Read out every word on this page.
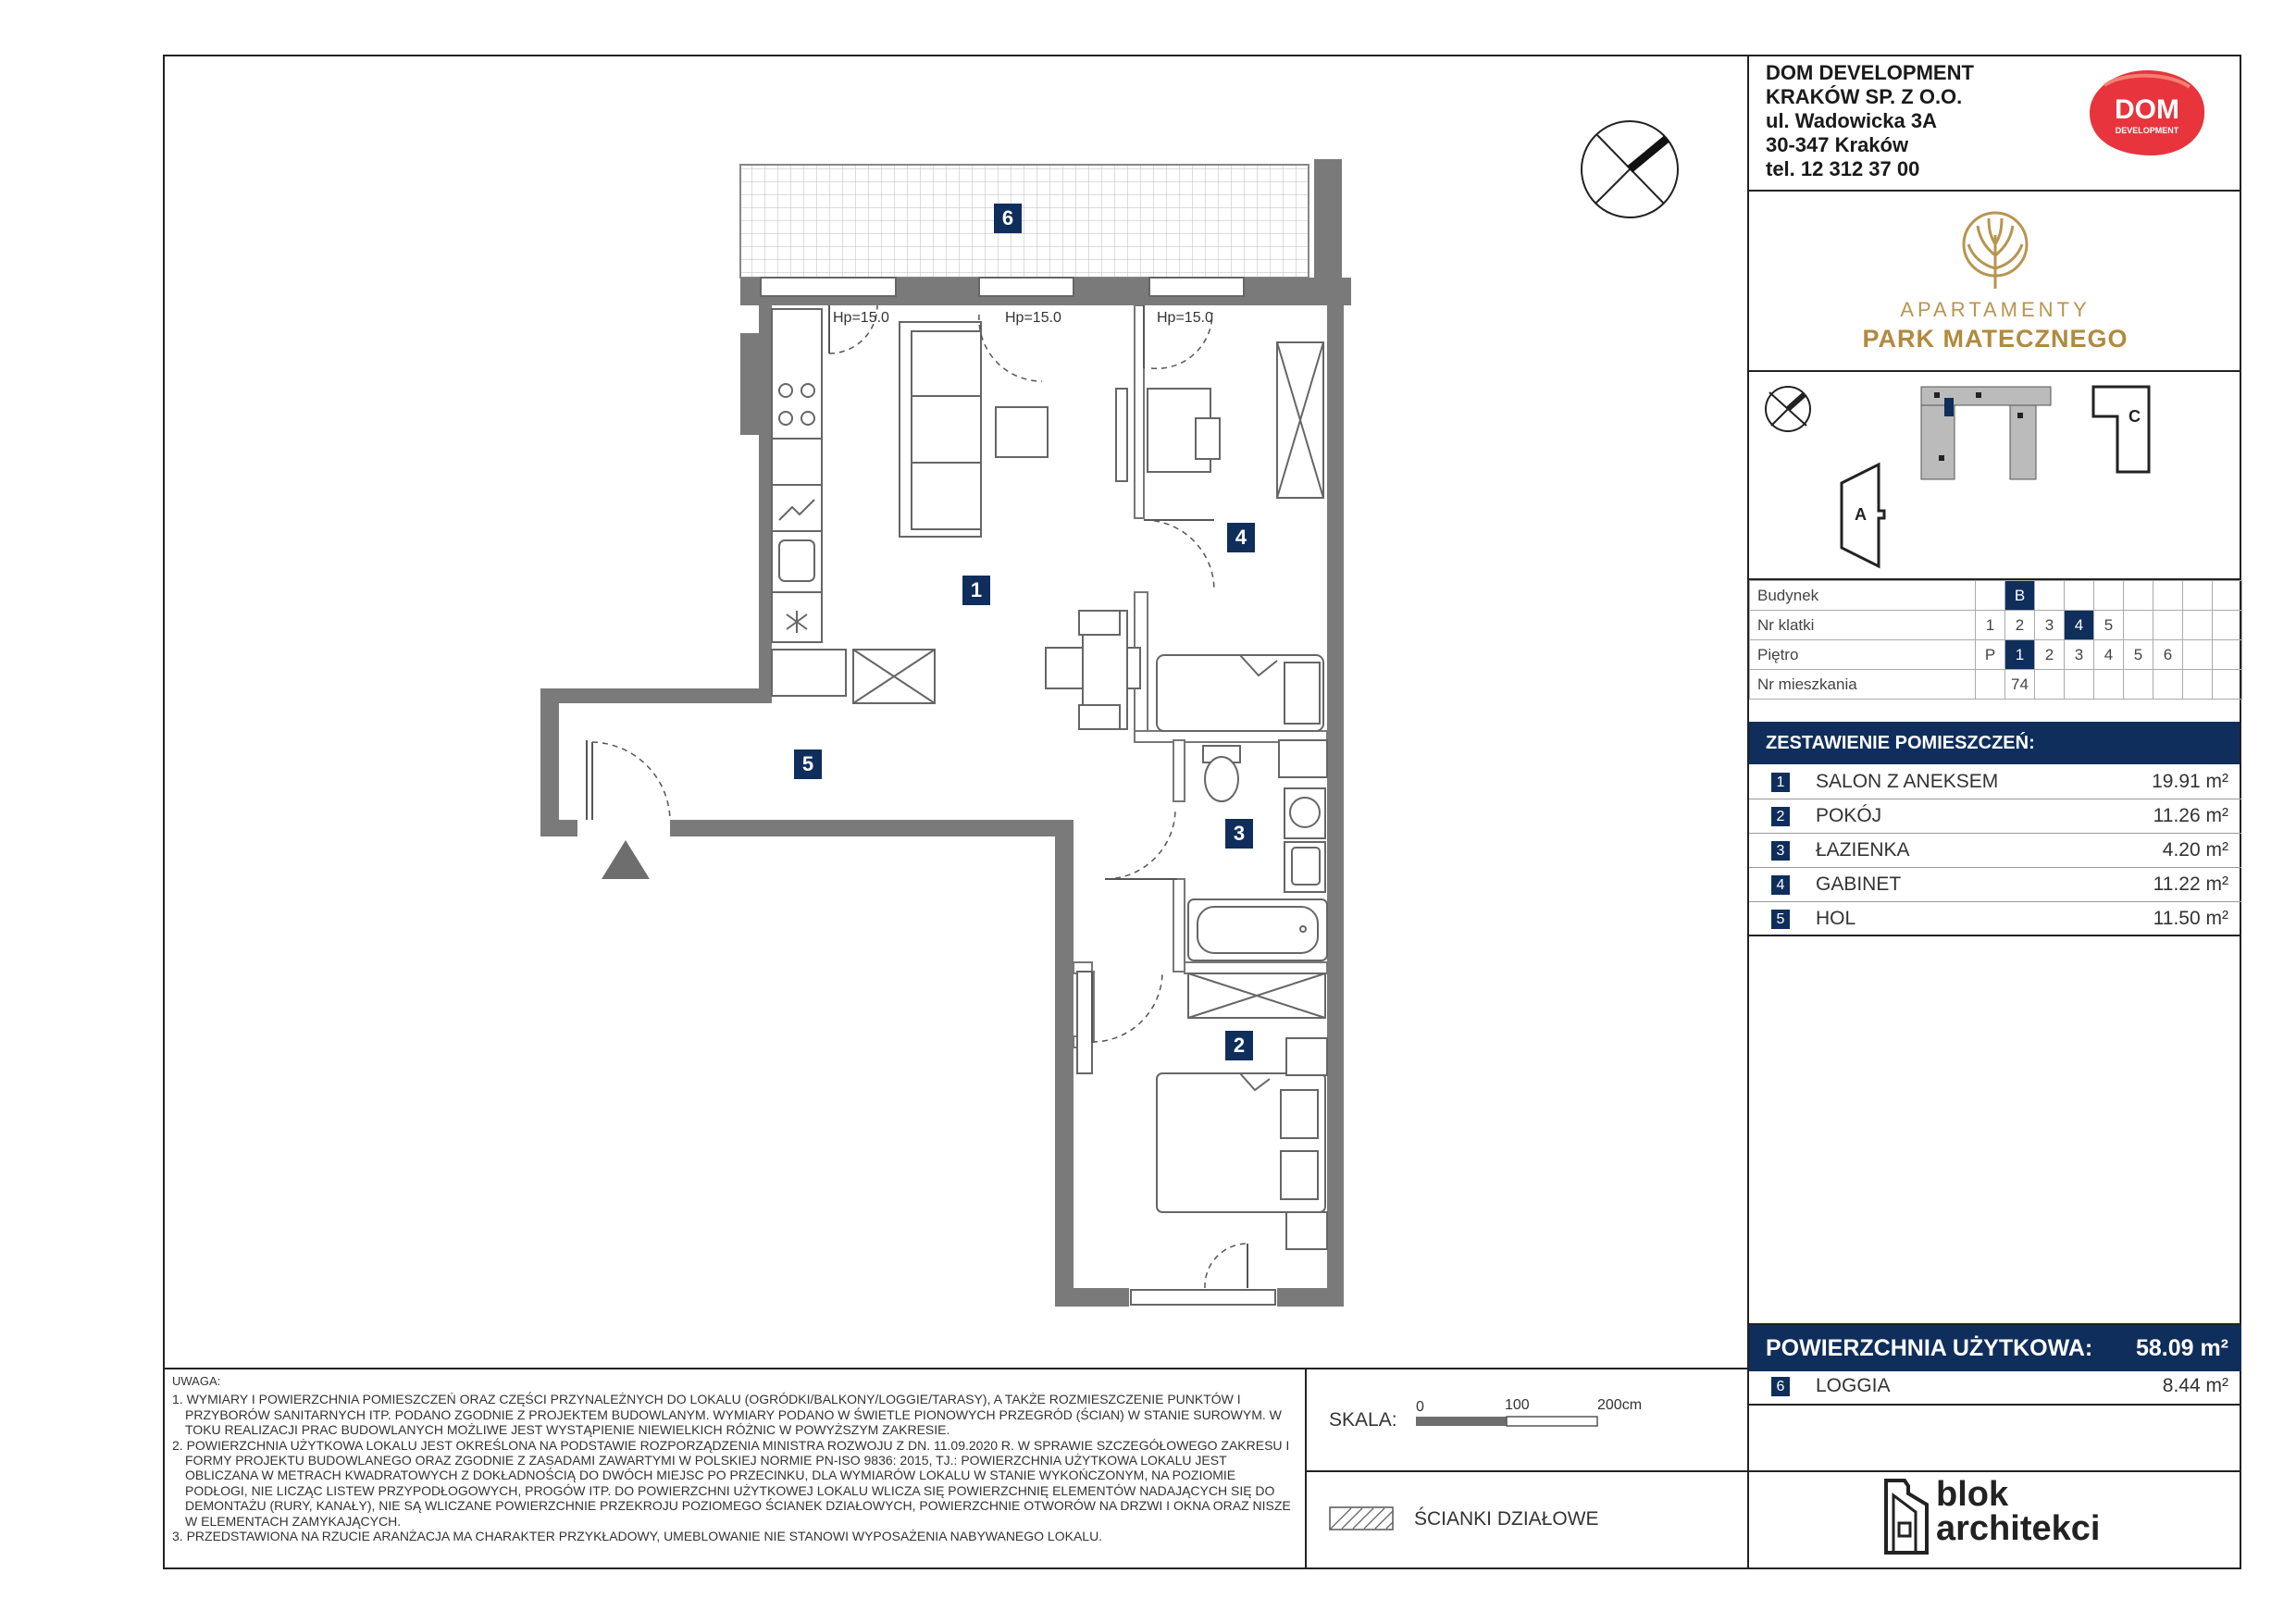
DOM DEVELOPMENT
KRAKÓW SP. Z O.O.
ul. Wadowicka 3A
30-347 Kraków
tel. 12 312 37 00
DOM
DEVELOPMENT
APARTAMENTY
PARK MATECZNEGO
A
C
Budynek		B							
Nr klatki	1	2	3	4	5				
Piętro	P	1	2	3	4	5	6		
Nr mieszkania		74							
ZESTAWIENIE POMIESZCZEŃ:
1 SALON Z ANEKSEM	19.91 m²
2 POKÓJ	11.26 m²
3 ŁAZIENKA	4.20 m²
4 GABINET	11.22 m²
5 HOL	11.50 m²
POWIERZCHNIA UŻYTKOWA: 58.09 m²
6 LOGGIA	8.44 m²
blok
architekci
UWAGA:

1. WYMIARY I POWIERZCHNIA POMIESZCZEŃ ORAZ CZĘŚCI PRZYNALEŻNYCH DO LOKALU (OGRÓDKI/BALKONY/LOGGIE/TARASY), A TAKŻE ROZMIESZCZENIE PUNKTÓW I PRZYBORÓW SANITARNYCH ITP. PODANO ZGODNIE Z PROJEKTEM BUDOWLANYM. WYMIARY PODANO W ŚWIETLE PIONOWYCH PRZEGRÓD (ŚCIAN) W STANIE SUROWYM. W TOKU REALIZACJI PRAC BUDOWLANYCH MOŻLIWE JEST WYSTĄPIENIE NIEWIELKICH RÓŻNIC W POWYŻSZYM ZAKRESIE.

2. POWIERZCHNIA UŻYTKOWA LOKALU JEST OKREŚLONA NA PODSTAWIE ROZPORZĄDZENIA MINISTRA ROZWOJU Z DN. 11.09.2020 R. W SPRAWIE SZCZEGÓŁOWEGO ZAKRESU I FORMY PROJEKTU BUDOWLANEGO ORAZ ZGODNIE Z ZASADAMI ZAWARTYMI W POLSKIEJ NORMIE PN-ISO 9836: 2015, TJ.: POWIERZCHNIA UŻYTKOWA LOKALU JEST OBLICZANA W METRACH KWADRATOWYCH Z DOKŁADNOŚCIĄ DO DWÓCH MIEJSC PO PRZECINKU, DLA WYMIARÓW LOKALU W STANIE WYKOŃCZONYM, NA POZIOMIE PODŁOGI, NIE LICZĄC LISTEW PRZYPODŁOGOWYCH, PROGÓW ITP. DO POWIERZCHNI UŻYTKOWEJ LOKALU WLICZA SIĘ POWIERZCHNIĘ ELEMENTÓW NADAJĄCYCH SIĘ DO DEMONTAŻU (RURY, KANAŁY), NIE SĄ WLICZANE POWIERZCHNIE PRZEKROJU POZIOMEGO ŚCIANEK DZIAŁOWYCH, POWIERZCHNIE OTWORÓW NA DRZWI I OKNA ORAZ NISZE W ELEMENTACH ZAMYKAJĄCYCH.

3. PRZEDSTAWIONA NA RZUCIE ARANŻACJA MA CHARAKTER PRZYKŁADOWY, UMEBLOWANIE NIE STANOWI WYPOSAŻENIA NABYWANEGO LOKALU.

SKALA:
0	100	200cm
ŚCIANKI DZIAŁOWE
Hp=15.0	Hp=15.0	Hp=15.0
1
2
3
4
5
6
